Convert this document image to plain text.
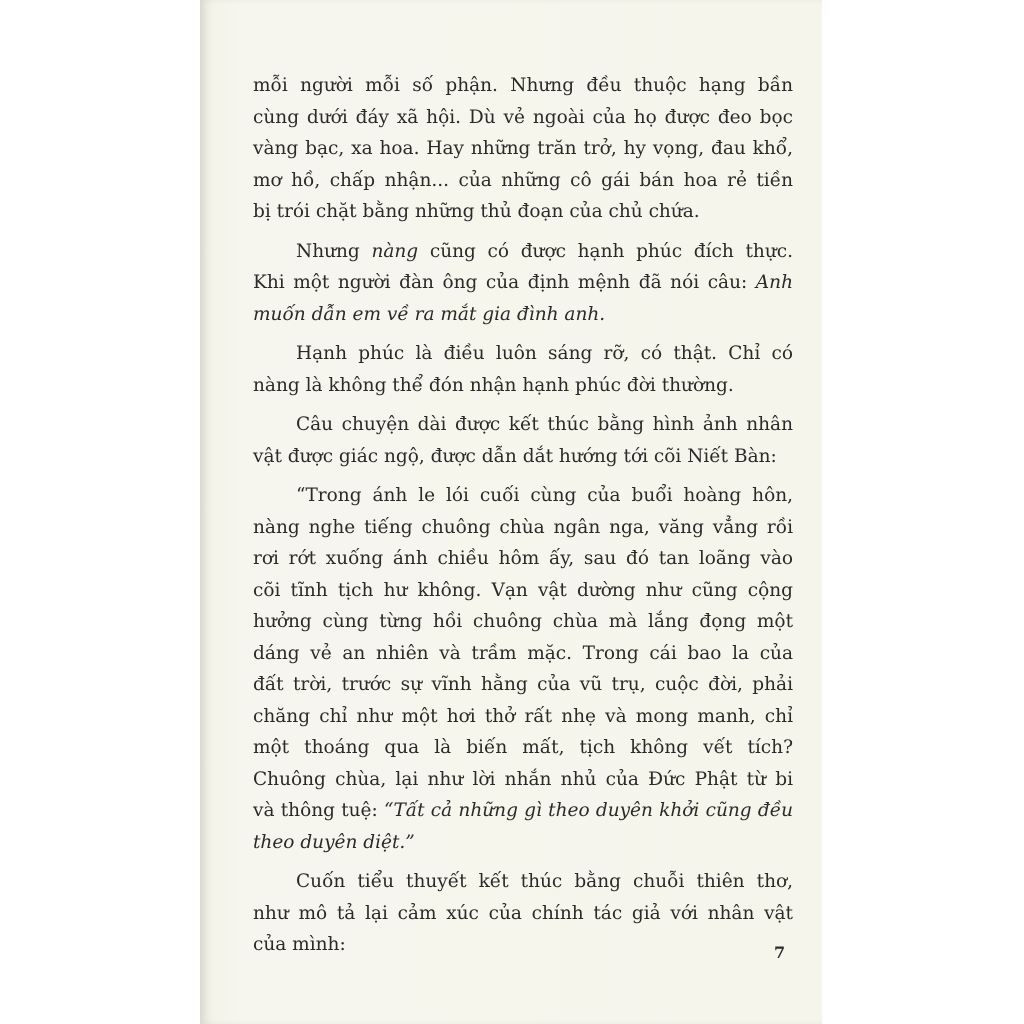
mỗi người mỗi số phận. Nhưng đều thuộc hạng bần
cùng dưới đáy xã hội. Dù vẻ ngoài của họ được đeo bọc
vàng bạc, xa hoa. Hay những trăn trở, hy vọng, đau khổ,
mơ hồ, chấp nhận... của những cô gái bán hoa rẻ tiền
bị trói chặt bằng những thủ đoạn của chủ chứa.
Nhưng nàng cũng có được hạnh phúc đích thực.
Khi một người đàn ông của định mệnh đã nói câu: Anh
muốn dẫn em về ra mắt gia đình anh.
Hạnh phúc là điều luôn sáng rỡ, có thật. Chỉ có
nàng là không thể đón nhận hạnh phúc đời thường.
Câu chuyện dài được kết thúc bằng hình ảnh nhân
vật được giác ngộ, được dẫn dắt hướng tới cõi Niết Bàn:
“Trong ánh le lói cuối cùng của buổi hoàng hôn,
nàng nghe tiếng chuông chùa ngân nga, văng vẳng rồi
rơi rớt xuống ánh chiều hôm ấy, sau đó tan loãng vào
cõi tĩnh tịch hư không. Vạn vật dường như cũng cộng
hưởng cùng từng hồi chuông chùa mà lắng đọng một
dáng vẻ an nhiên và trầm mặc. Trong cái bao la của
đất trời, trước sự vĩnh hằng của vũ trụ, cuộc đời, phải
chăng chỉ như một hơi thở rất nhẹ và mong manh, chỉ
một thoáng qua là biến mất, tịch không vết tích?
Chuông chùa, lại như lời nhắn nhủ của Đức Phật từ bi
và thông tuệ: “Tất cả những gì theo duyên khởi cũng đều
theo duyên diệt.”
Cuốn tiểu thuyết kết thúc bằng chuỗi thiên thơ,
như mô tả lại cảm xúc của chính tác giả với nhân vật
của mình:	7
